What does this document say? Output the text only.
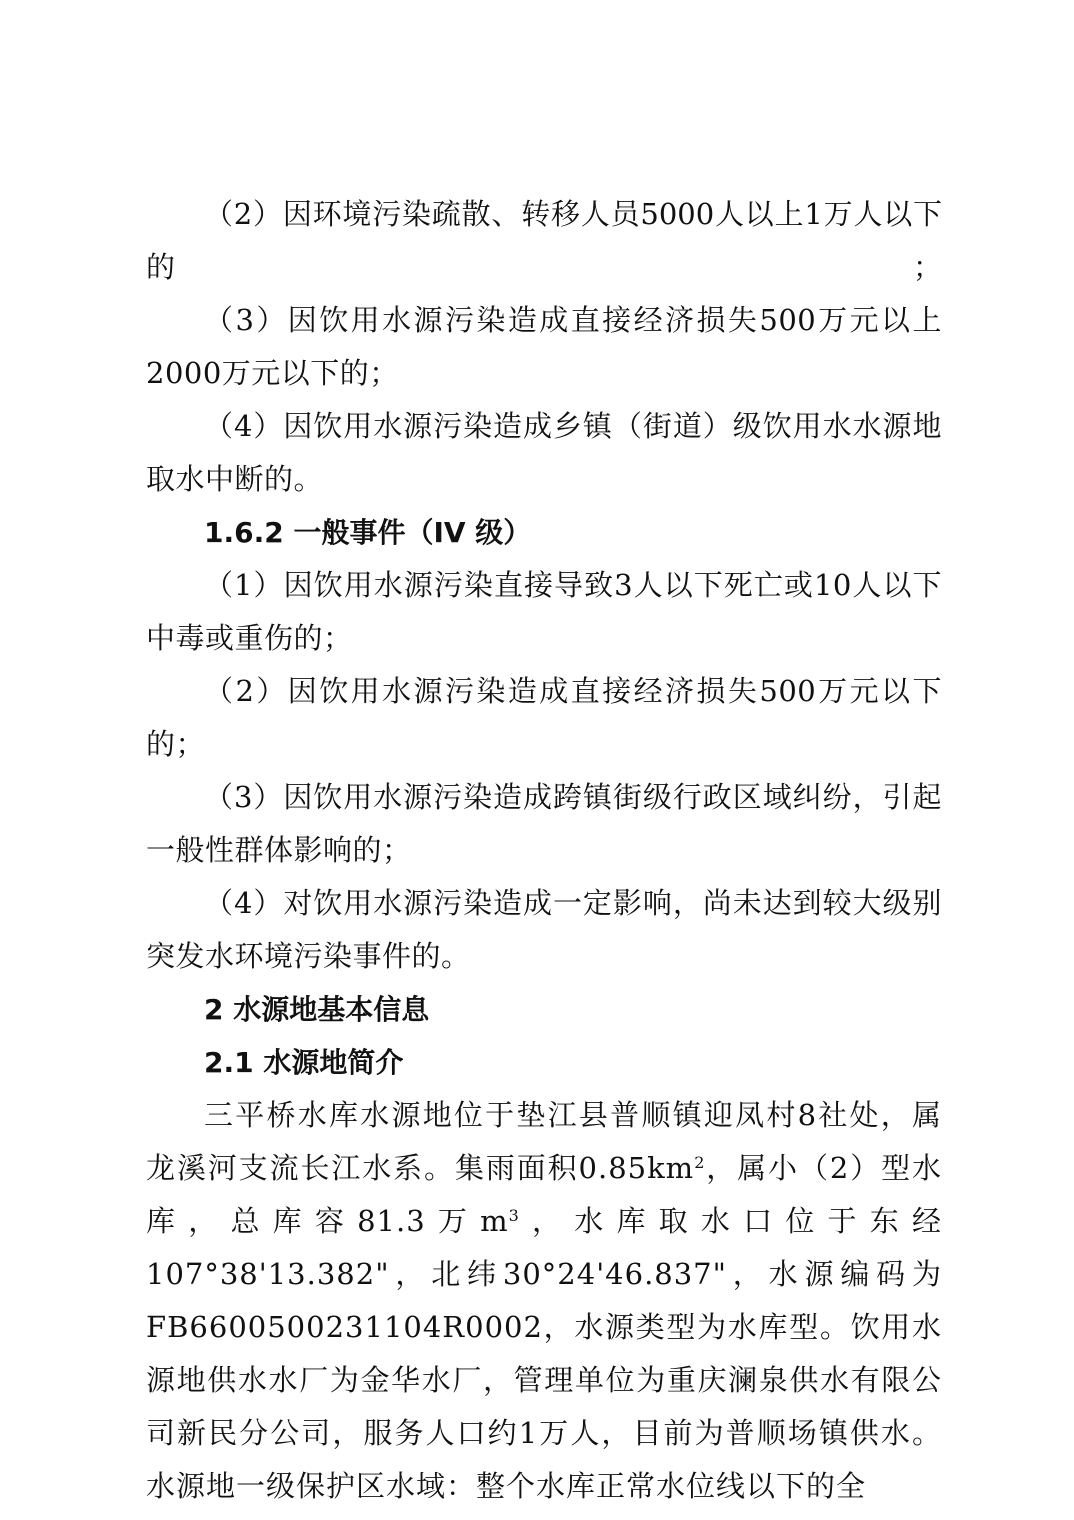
（2）因环境污染疏散、转移人员5000人以上1万人以下的；

（3）因饮用水源污染造成直接经济损失500万元以上2000万元以下的；

（4）因饮用水源污染造成乡镇（街道）级饮用水水源地取水中断的。

1.6.2 一般事件（IV 级）

（1）因饮用水源污染直接导致3人以下死亡或10人以下中毒或重伤的；

（2）因饮用水源污染造成直接经济损失500万元以下的；

（3）因饮用水源污染造成跨镇街级行政区域纠纷，引起一般性群体影响的；

（4）对饮用水源污染造成一定影响，尚未达到较大级别突发水环境污染事件的。

2 水源地基本信息
2.1 水源地简介

三平桥水库水源地位于垫江县普顺镇迎凤村8社处，属龙溪河支流长江水系。集雨面积$0.85km^2$，属小（2）型水库，总库容81.3万$m^3$，水库取水口位于东经107°38'13.382"，北纬30°24'46.837"，水源编码为FB6600500231104R0002，水源类型为水库型。饮用水源地供水水厂为金华水厂，管理单位为重庆澜泉供水有限公司新民分公司，服务人口约1万人，目前为普顺场镇供水。水源地一级保护区水域：整个水库正常水位线以下的全
